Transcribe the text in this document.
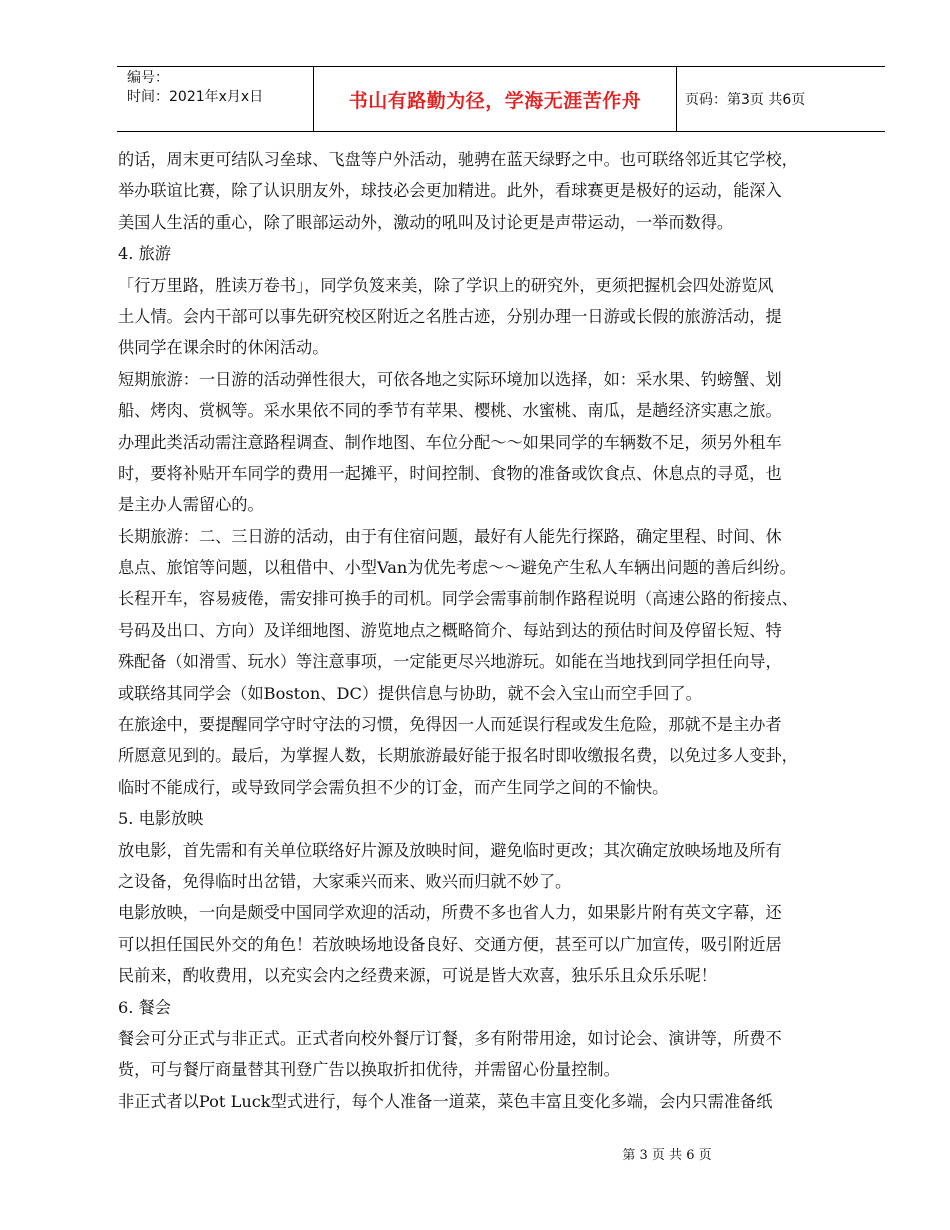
编号：
时间：2021年x月x日	书山有路勤为径，学海无涯苦作舟	页码：第3页 共6页
的话，周末更可结队习垒球、飞盘等户外活动，驰骋在蓝天绿野之中。也可联络邻近其它学校，
举办联谊比赛，除了认识朋友外，球技必会更加精进。此外，看球赛更是极好的运动，能深入
美国人生活的重心，除了眼部运动外，激动的吼叫及讨论更是声带运动，一举而数得。
4. 旅游
「行万里路，胜读万卷书」，同学负笈来美，除了学识上的研究外，更须把握机会四处游览风
土人情。会内干部可以事先研究校区附近之名胜古迹，分别办理一日游或长假的旅游活动，提
供同学在课余时的休闲活动。
短期旅游：一日游的活动弹性很大，可依各地之实际环境加以选择，如：采水果、钓螃蟹、划
船、烤肉、赏枫等。采水果依不同的季节有苹果、樱桃、水蜜桃、南瓜，是趟经济实惠之旅。
办理此类活动需注意路程调查、制作地图、车位分配～～如果同学的车辆数不足，须另外租车
时，要将补贴开车同学的费用一起摊平，时间控制、食物的准备或饮食点、休息点的寻觅，也
是主办人需留心的。
长期旅游：二、三日游的活动，由于有住宿问题，最好有人能先行探路，确定里程、时间、休
息点、旅馆等问题，以租借中、小型Van为优先考虑～～避免产生私人车辆出问题的善后纠纷。
长程开车，容易疲倦，需安排可换手的司机。同学会需事前制作路程说明（高速公路的衔接点、
号码及出口、方向）及详细地图、游览地点之概略简介、每站到达的预估时间及停留长短、特
殊配备（如滑雪、玩水）等注意事项，一定能更尽兴地游玩。如能在当地找到同学担任向导，
或联络其同学会（如Boston、DC）提供信息与协助，就不会入宝山而空手回了。
在旅途中，要提醒同学守时守法的习惯，免得因一人而延误行程或发生危险，那就不是主办者
所愿意见到的。最后，为掌握人数，长期旅游最好能于报名时即收缴报名费，以免过多人变卦，
临时不能成行，或导致同学会需负担不少的订金，而产生同学之间的不愉快。
5. 电影放映
放电影，首先需和有关单位联络好片源及放映时间，避免临时更改；其次确定放映场地及所有
之设备，免得临时出岔错，大家乘兴而来、败兴而归就不妙了。
电影放映，一向是颇受中国同学欢迎的活动，所费不多也省人力，如果影片附有英文字幕，还
可以担任国民外交的角色！若放映场地设备良好、交通方便，甚至可以广加宣传，吸引附近居
民前来，酌收费用，以充实会内之经费来源，可说是皆大欢喜，独乐乐且众乐乐呢！
6. 餐会
餐会可分正式与非正式。正式者向校外餐厅订餐，多有附带用途，如讨论会、演讲等，所费不
赀，可与餐厅商量替其刊登广告以换取折扣优待，并需留心份量控制。
非正式者以Pot Luck型式进行，每个人准备一道菜，菜色丰富且变化多端，会内只需准备纸
第 3 页 共 6 页
